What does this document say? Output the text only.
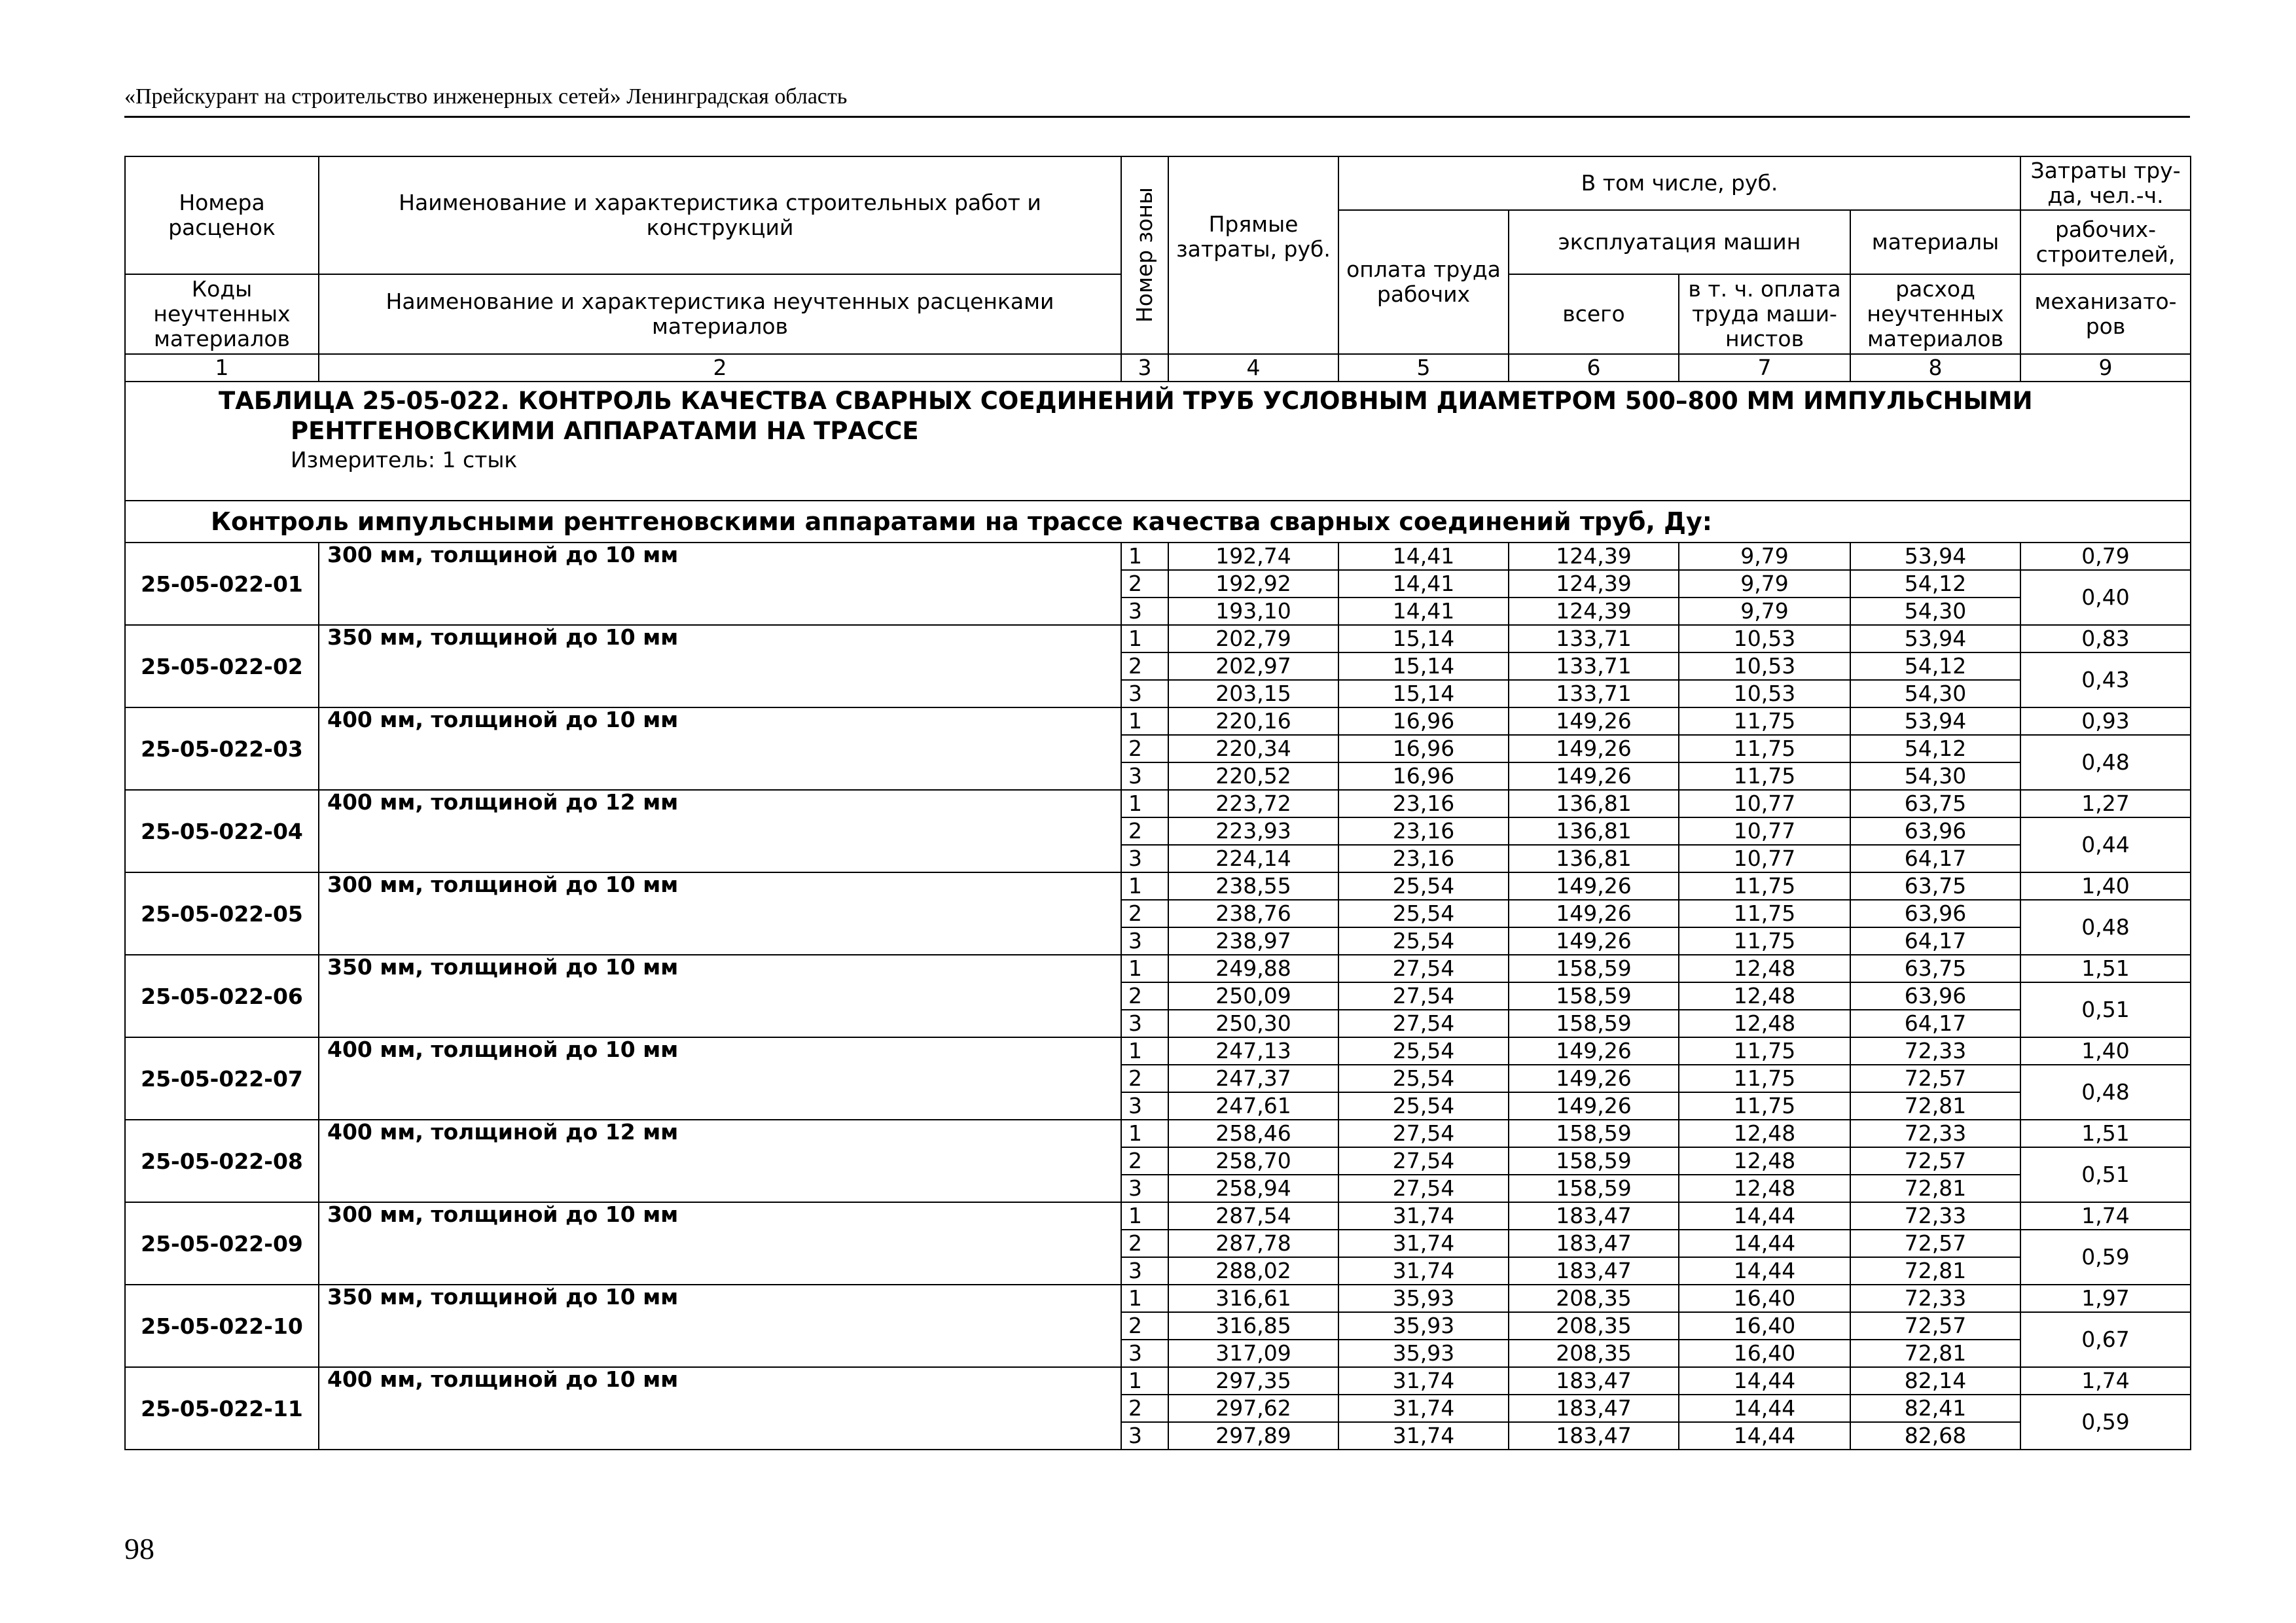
«Прейскурант на строительство инженерных сетей» Ленинградская область
Номера расценок	Наименование и характеристика строительных работ и конструкций	Номер зоны	Прямые затраты, руб.	В том числе, руб.				Затраты тру-да, чел.-ч.
				оплата труда рабочих	эксплуатация машин		материалы	рабочих-строителей,
Коды неучтенных материалов	Наименование и характеристика неучтенных расценками материалов				всего	в т. ч. оплата труда маши-нистов	расход неучтенных материалов	механизато-ров
1	2	3	4	5	6	7	8	9

ТАБЛИЦА 25-05-022. КОНТРОЛЬ КАЧЕСТВА СВАРНЫХ СОЕДИНЕНИЙ ТРУБ УСЛОВНЫМ ДИАМЕТРОМ 500–800 ММ ИМПУЛЬСНЫМИ
РЕНТГЕНОВСКИМИ АППАРАТАМИ НА ТРАССЕ
Измеритель: 1 стык								

Контроль импульсными рентгеновскими аппаратами на трассе качества сварных соединений труб, Ду:								
25-05-022-01	300 мм, толщиной до 10 мм	1	192,74	14,41	124,39	9,79	53,94	0,79
		2	192,92	14,41	124,39	9,79	54,12	0,40
		3	193,10	14,41	124,39	9,79	54,30	
25-05-022-02	350 мм, толщиной до 10 мм	1	202,79	15,14	133,71	10,53	53,94	0,83
		2	202,97	15,14	133,71	10,53	54,12	0,43
		3	203,15	15,14	133,71	10,53	54,30	
25-05-022-03	400 мм, толщиной до 10 мм	1	220,16	16,96	149,26	11,75	53,94	0,93
		2	220,34	16,96	149,26	11,75	54,12	0,48
		3	220,52	16,96	149,26	11,75	54,30	
25-05-022-04	400 мм, толщиной до 12 мм	1	223,72	23,16	136,81	10,77	63,75	1,27
		2	223,93	23,16	136,81	10,77	63,96	0,44
		3	224,14	23,16	136,81	10,77	64,17	
25-05-022-05	300 мм, толщиной до 10 мм	1	238,55	25,54	149,26	11,75	63,75	1,40
		2	238,76	25,54	149,26	11,75	63,96	0,48
		3	238,97	25,54	149,26	11,75	64,17	
25-05-022-06	350 мм, толщиной до 10 мм	1	249,88	27,54	158,59	12,48	63,75	1,51
		2	250,09	27,54	158,59	12,48	63,96	0,51
		3	250,30	27,54	158,59	12,48	64,17	
25-05-022-07	400 мм, толщиной до 10 мм	1	247,13	25,54	149,26	11,75	72,33	1,40
		2	247,37	25,54	149,26	11,75	72,57	0,48
		3	247,61	25,54	149,26	11,75	72,81	
25-05-022-08	400 мм, толщиной до 12 мм	1	258,46	27,54	158,59	12,48	72,33	1,51
		2	258,70	27,54	158,59	12,48	72,57	0,51
		3	258,94	27,54	158,59	12,48	72,81	
25-05-022-09	300 мм, толщиной до 10 мм	1	287,54	31,74	183,47	14,44	72,33	1,74
		2	287,78	31,74	183,47	14,44	72,57	0,59
		3	288,02	31,74	183,47	14,44	72,81	
25-05-022-10	350 мм, толщиной до 10 мм	1	316,61	35,93	208,35	16,40	72,33	1,97
		2	316,85	35,93	208,35	16,40	72,57	0,67
		3	317,09	35,93	208,35	16,40	72,81	
25-05-022-11	400 мм, толщиной до 10 мм	1	297,35	31,74	183,47	14,44	82,14	1,74
		2	297,62	31,74	183,47	14,44	82,41	0,59
		3	297,89	31,74	183,47	14,44	82,68	
98
